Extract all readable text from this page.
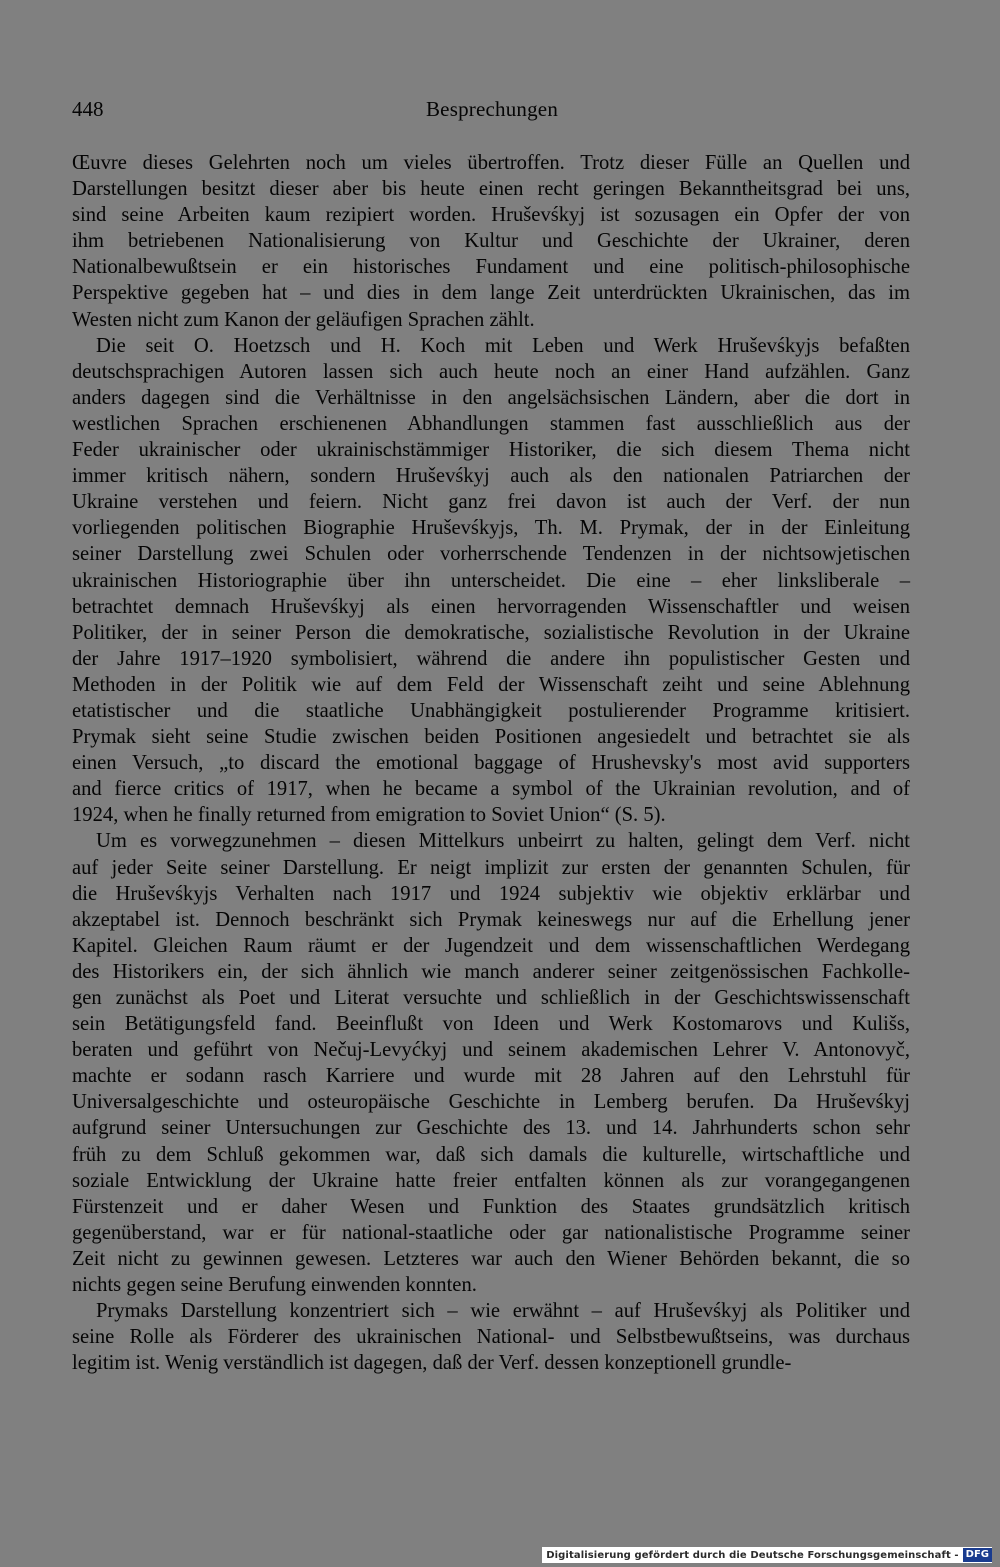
448	Besprechungen
Œuvre dieses Gelehrten noch um vieles übertroffen. Trotz dieser Fülle an Quellen und
Darstellungen besitzt dieser aber bis heute einen recht geringen Bekanntheitsgrad bei uns,
sind seine Arbeiten kaum rezipiert worden. Hruševśkyj ist sozusagen ein Opfer der von
ihm betriebenen Nationalisierung von Kultur und Geschichte der Ukrainer, deren
Nationalbewußtsein er ein historisches Fundament und eine politisch-philosophische
Perspektive gegeben hat – und dies in dem lange Zeit unterdrückten Ukrainischen, das im
Westen nicht zum Kanon der geläufigen Sprachen zählt.
Die seit O. Hoetzsch und H. Koch mit Leben und Werk Hruševśkyjs befaßten
deutschsprachigen Autoren lassen sich auch heute noch an einer Hand aufzählen. Ganz
anders dagegen sind die Verhältnisse in den angelsächsischen Ländern, aber die dort in
westlichen Sprachen erschienenen Abhandlungen stammen fast ausschließlich aus der
Feder ukrainischer oder ukrainischstämmiger Historiker, die sich diesem Thema nicht
immer kritisch nähern, sondern Hruševśkyj auch als den nationalen Patriarchen der
Ukraine verstehen und feiern. Nicht ganz frei davon ist auch der Verf. der nun
vorliegenden politischen Biographie Hruševśkyjs, Th. M. Prymak, der in der Einleitung
seiner Darstellung zwei Schulen oder vorherrschende Tendenzen in der nichtsowjetischen
ukrainischen Historiographie über ihn unterscheidet. Die eine – eher linksliberale –
betrachtet demnach Hruševśkyj als einen hervorragenden Wissenschaftler und weisen
Politiker, der in seiner Person die demokratische, sozialistische Revolution in der Ukraine
der Jahre 1917–1920 symbolisiert, während die andere ihn populistischer Gesten und
Methoden in der Politik wie auf dem Feld der Wissenschaft zeiht und seine Ablehnung
etatistischer und die staatliche Unabhängigkeit postulierender Programme kritisiert.
Prymak sieht seine Studie zwischen beiden Positionen angesiedelt und betrachtet sie als
einen Versuch, „to discard the emotional baggage of Hrushevsky's most avid supporters
and fierce critics of 1917, when he became a symbol of the Ukrainian revolution, and of
1924, when he finally returned from emigration to Soviet Union“ (S. 5).
Um es vorwegzunehmen – diesen Mittelkurs unbeirrt zu halten, gelingt dem Verf. nicht
auf jeder Seite seiner Darstellung. Er neigt implizit zur ersten der genannten Schulen, für
die Hruševśkyjs Verhalten nach 1917 und 1924 subjektiv wie objektiv erklärbar und
akzeptabel ist. Dennoch beschränkt sich Prymak keineswegs nur auf die Erhellung jener
Kapitel. Gleichen Raum räumt er der Jugendzeit und dem wissenschaftlichen Werdegang
des Historikers ein, der sich ähnlich wie manch anderer seiner zeitgenössischen Fachkolle-
gen zunächst als Poet und Literat versuchte und schließlich in der Geschichtswissenschaft
sein Betätigungsfeld fand. Beeinflußt von Ideen und Werk Kostomarovs und Kulišs,
beraten und geführt von Nečuj-Levyćkyj und seinem akademischen Lehrer V. Antonovyč,
machte er sodann rasch Karriere und wurde mit 28 Jahren auf den Lehrstuhl für
Universalgeschichte und osteuropäische Geschichte in Lemberg berufen. Da Hruševśkyj
aufgrund seiner Untersuchungen zur Geschichte des 13. und 14. Jahrhunderts schon sehr
früh zu dem Schluß gekommen war, daß sich damals die kulturelle, wirtschaftliche und
soziale Entwicklung der Ukraine hatte freier entfalten können als zur vorangegangenen
Fürstenzeit und er daher Wesen und Funktion des Staates grundsätzlich kritisch
gegenüberstand, war er für national-staatliche oder gar nationalistische Programme seiner
Zeit nicht zu gewinnen gewesen. Letzteres war auch den Wiener Behörden bekannt, die so
nichts gegen seine Berufung einwenden konnten.
Prymaks Darstellung konzentriert sich – wie erwähnt – auf Hruševśkyj als Politiker und
seine Rolle als Förderer des ukrainischen National- und Selbstbewußtseins, was durchaus
legitim ist. Wenig verständlich ist dagegen, daß der Verf. dessen konzeptionell grundle-
Digitalisierung gefördert durch die Deutsche Forschungsgemeinschaft - DFG
